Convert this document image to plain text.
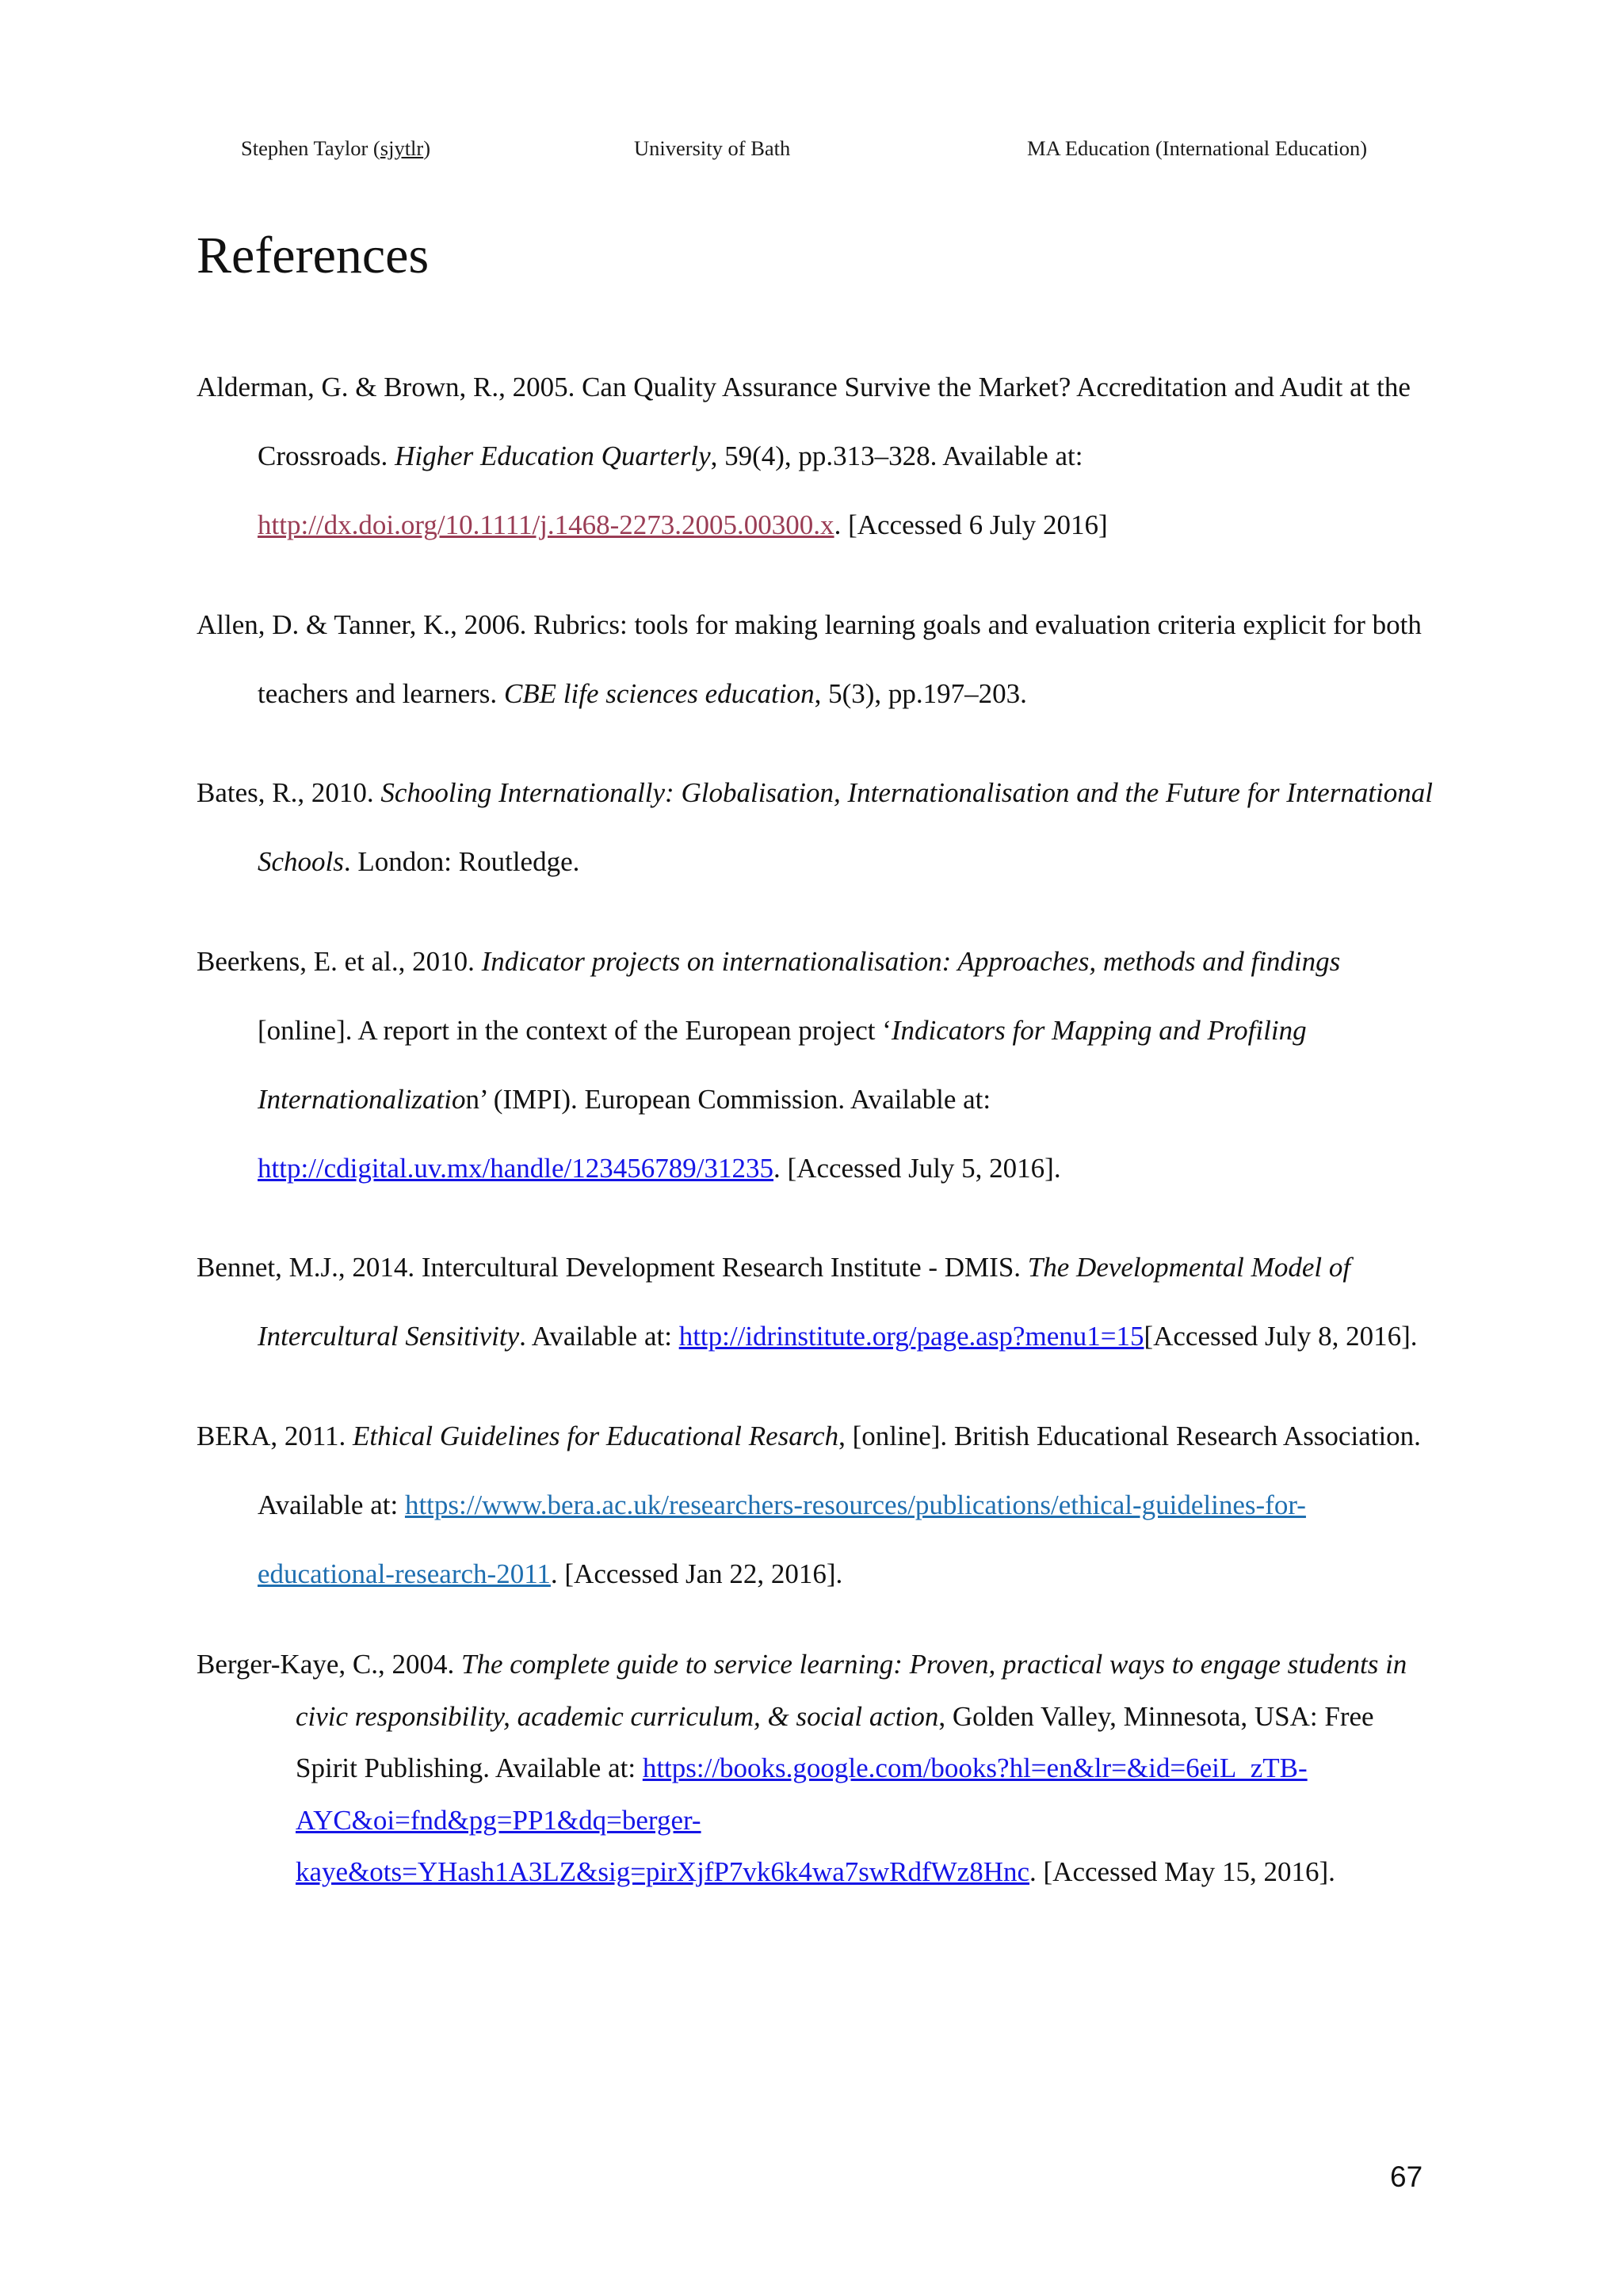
Stephen Taylor (sjytlr)	University of Bath	MA Education (International Education)
References

Alderman, G. & Brown, R., 2005. Can Quality Assurance Survive the Market? Accreditation and Audit at the Crossroads. Higher Education Quarterly, 59(4), pp.313–328. Available at: http://dx.doi.org/10.1111/j.1468-2273.2005.00300.x. [Accessed 6 July 2016]

Allen, D. & Tanner, K., 2006. Rubrics: tools for making learning goals and evaluation criteria explicit for both teachers and learners. CBE life sciences education, 5(3), pp.197–203.

Bates, R., 2010. Schooling Internationally: Globalisation, Internationalisation and the Future for International Schools. London: Routledge.

Beerkens, E. et al., 2010. Indicator projects on internationalisation: Approaches, methods and findings [online]. A report in the context of the European project ‘Indicators for Mapping and Profiling Internationalization’ (IMPI). European Commission. Available at: http://cdigital.uv.mx/handle/123456789/31235. [Accessed July 5, 2016].

Bennet, M.J., 2014. Intercultural Development Research Institute - DMIS. The Developmental Model of Intercultural Sensitivity. Available at: http://idrinstitute.org/page.asp?menu1=15[Accessed July 8, 2016].

BERA, 2011. Ethical Guidelines for Educational Resarch, [online]. British Educational Research Association. Available at: https://www.bera.ac.uk/researchers-resources/publications/ethical-guidelines-for-educational-research-2011. [Accessed Jan 22, 2016].

Berger-Kaye, C., 2004. The complete guide to service learning: Proven, practical ways to engage students in civic responsibility, academic curriculum, & social action, Golden Valley, Minnesota, USA: Free Spirit Publishing. Available at: https://books.google.com/books?hl=en&lr=&id=6eiL_zTB-AYC&oi=fnd&pg=PP1&dq=berger-kaye&ots=YHash1A3LZ&sig=pirXjfP7vk6k4wa7swRdfWz8Hnc. [Accessed May 15, 2016].

67
